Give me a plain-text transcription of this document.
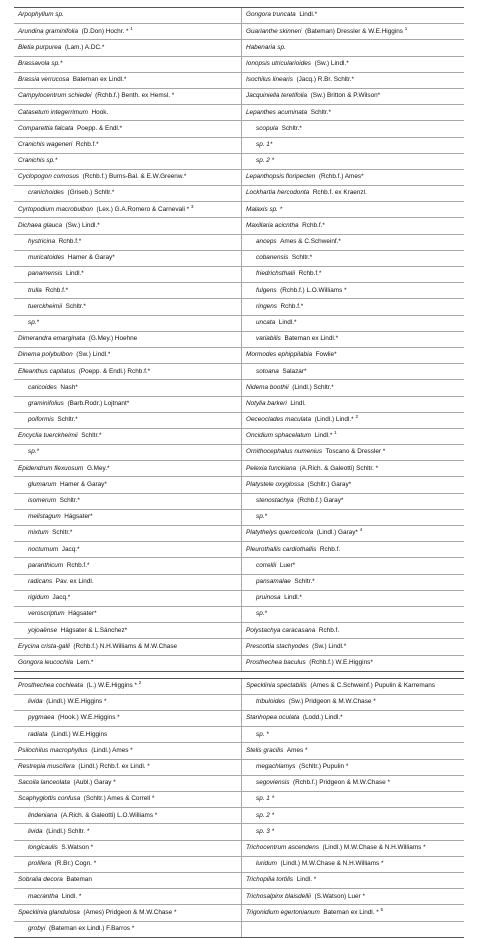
Arpophyllum sp.	Gongora truncata Lindl.*
Arundina graminifolia (D.Don) Hochr. * $^1$	Guarianthe skinneri (Bateman) Dressler & W.E.Higgins $^1$
Bletia purpurea (Lam.) A.DC.*	Habenaria sp.
Brassavola sp.*	Ionopsis utricularioides (Sw.) Lindl.*
Brassia verrucosa Bateman ex Lindl.*	Isochilus linearis (Jacq.) R.Br. Schltr.*
Campylocentrum schiedei (Rchb.f.) Benth. ex Hemsl. *	Jacquiniella teretifolia (Sw.) Britton & P.Wilson*
Catasetum integerrimum Hook.	Lepanthes acuminata Schltr.*
Comparettia falcata Poepp. & Endl.*	scopula Schltr.*
Cranichis wageneri Rchb.f.*	sp. 1*
Cranichis sp.*	sp. 2 *
Cyclopogon comosus (Rchb.f.) Burns-Bal. & E.W.Greenw.*	Lepanthopsis floripecten (Rchb.f.) Ames*
cranichoides (Griseb.) Schltr.*	Lockhartia hercodonta Rchb.f. ex Kraenzl.
Cyrtopodium macrobulbon (Lex.) G.A.Romero & Carnevali * $^3$	Malaxis sp. *
Dichaea glauca (Sw.) Lindl.*	Maxillaria acicntha Rchb.f.*
hystricina Rchb.f.*	anceps Ames & C.Schweinf.*
muricatoides Hamer & Garay*	cobanensis Schltr.*
panamensis Lindl.*	friedrichsthalii Rchb.f.*
trulla Rchb.f.*	fulgens (Rchb.f.) L.O.Williams *
tuerckheimii Schltr.*	ringens Rchb.f.*
sp.*	uncata Lindl.*
Dimerandra emarginata (G.Mey.) Hoehne	variabilis Bateman ex Lindl.*
Dinema polybulbon (Sw.) Lindl.*	Mormodes ephippilabia Fowlie*
Elleanthus capitatus (Poepp. & Endl.) Rchb.f.*	sotoana Salazar*
caricoides Nash*	Nidema boothii (Lindl.) Schltr.*
graminifolius (Barb.Rodr.) Lojtnant*	Notylia barkeri Lindl.
poiformis Schltr.*	Oeceoclades maculata (Lindl.) Lindl.* $^2$
Encyclia tuerckheimii Schltr.*	Oncidium sphacelatum Lindl.* $^1$
sp.*	Ornithocephalus numenius Toscano & Dressler *
Epidendrum flexuosum G.Mey.*	Pelexia funckiana (A.Rich. & Galeotti) Schltr. *
glumarum Hamer & Garay*	Platystele oxyglossa (Schltr.) Garay*
isomerum Schltr.*	stenostachya (Rchb.f.) Garay*
melistagum Hágsater*	sp.*
mixtum Schltr.*	Platythelys querceticola (Lindl.) Garay* $^4$
nocturnum Jacq.*	Pleurothallis cardiothallis Rchb.f.
paranthicum Rchb.f.*	correllii Luer*
radicans Pav. ex Lindl.	pansamalae Schltr.*
rigidum Jacq.*	pruinosa Lindl.*
veroscriptum Hágsater*	sp.*
yojoaënse Hágsater & L.Sánchez*	Polystachya caracasana Rchb.f.
Erycina crista-galli (Rchb.f.) N.H.Williams & M.W.Chase	Prescottia stachyodes (Sw.) Lindl.*
Gongora leucochila Lem.*	Prosthechea baculus (Rchb.f.) W.E.Higgins*
Prosthechea cochleata (L.) W.E.Higgins * $^2$	Specklinia spectabilis (Ames & C.Schweinf.) Pupulin & Karremans
livida (Lindl.) W.E.Higgins *	tribuloides (Sw.) Pridgeon & M.W.Chase *
pygmaea (Hook.) W.E.Higgins *	Stanhopea oculata (Lodd.) Lindl.*
radiata (Lindl.) W.E.Higgins	sp. *
Psilochilus macrophyllus (Lindl.) Ames *	Stelis gracilis Ames *
Restrepia muscifera (Lindl.) Rchb.f. ex Lindl. *	megachlamys (Schltr.) Pupulin *
Sacoila lanceolata (Aubl.) Garay *	segoviensis (Rchb.f.) Pridgeon & M.W.Chase *
Scaphyglottis confusa (Schltr.) Ames & Correll *	sp. 1 *
lindeniana (A.Rich. & Galeotti) L.O.Williams *	sp. 2 *
livida (Lindl.) Schltr. *	sp. 3 *
longicaulis S.Watson *	Trichocentrum ascendens (Lindl.) M.W.Chase & N.H.Williams *
prolifera (R.Br.) Cogn. *	luridum (Lindl.) M.W.Chase & N.H.Williams *
Sobralia decora Bateman	Trichopilia tortilis Lindl. *
macrantha Lindl. *	Trichosalpinx blaisdellii (S.Watson) Luer *
Specklinia glandulosa (Ames) Pridgeon & M.W.Chase *	Trigonidium egertonianum Bateman ex Lindl. * $^5$
grobyi (Bateman ex Lindl.) F.Barros *	
